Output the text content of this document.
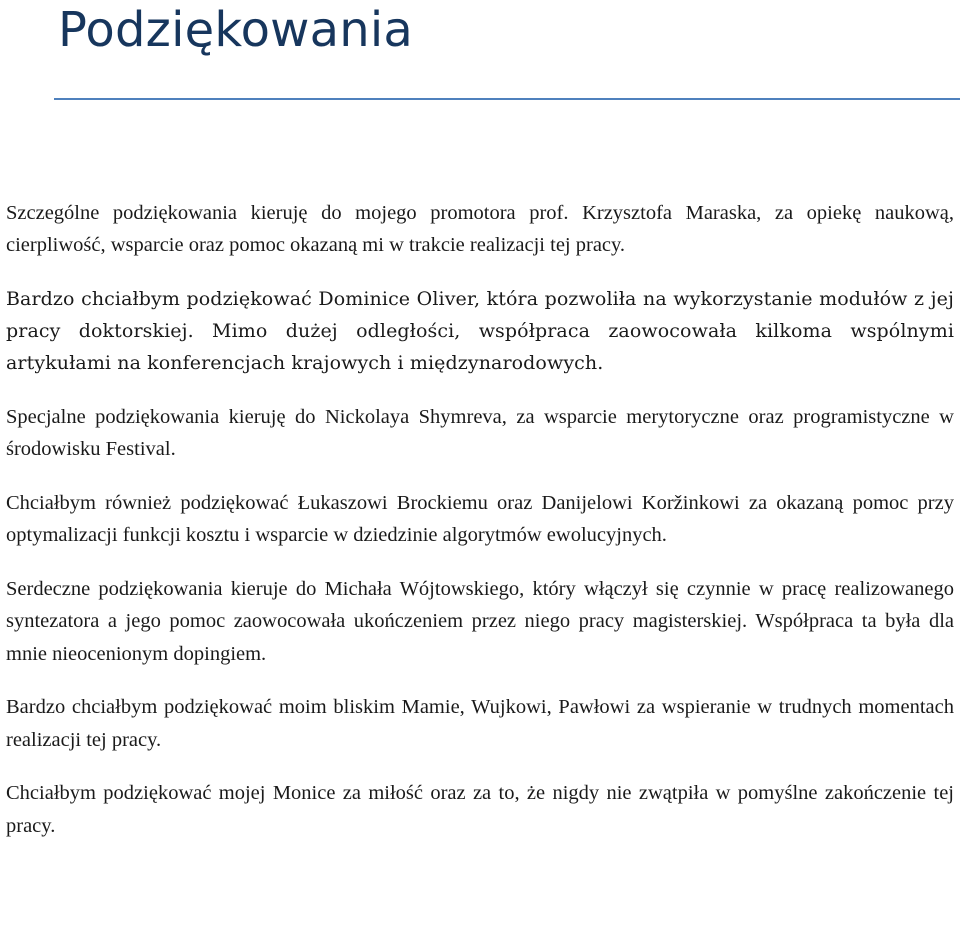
Podziękowania

Szczególne podziękowania kieruję do mojego promotora prof. Krzysztofa Maraska, za opiekę naukową, cierpliwość, wsparcie oraz pomoc okazaną mi w trakcie realizacji tej pracy.

Bardzo chciałbym podziękować Dominice Oliver, która pozwoliła na wykorzystanie modułów z jej pracy doktorskiej. Mimo dużej odległości, współpraca zaowocowała kilkoma wspólnymi artykułami na konferencjach krajowych i międzynarodowych.

Specjalne podziękowania kieruję do Nickolaya Shymreva, za wsparcie merytoryczne oraz programistyczne w środowisku Festival.

Chciałbym również podziękować Łukaszowi Brockiemu oraz Danijelowi Koržinkowi za okazaną pomoc przy optymalizacji funkcji kosztu i wsparcie w dziedzinie algorytmów ewolucyjnych.

Serdeczne podziękowania kieruje do Michała Wójtowskiego, który włączył się czynnie w pracę realizowanego syntezatora a jego pomoc zaowocowała ukończeniem przez niego pracy magisterskiej. Współpraca ta była dla mnie nieocenionym dopingiem.

Bardzo chciałbym podziękować moim bliskim Mamie, Wujkowi, Pawłowi za wspieranie w trudnych momentach realizacji tej pracy.

Chciałbym podziękować mojej Monice za miłość oraz za to, że nigdy nie zwątpiła w pomyślne zakończenie tej pracy.
